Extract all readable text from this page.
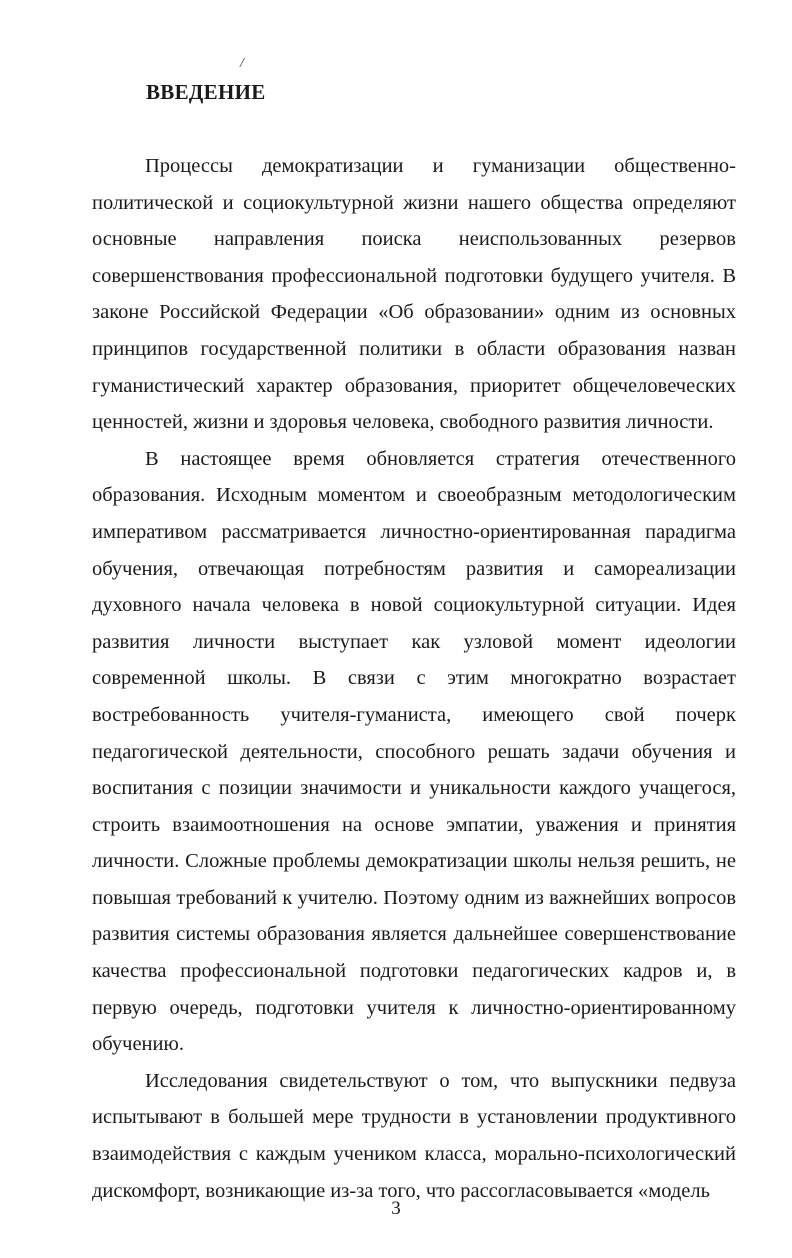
/
ВВЕДЕНИЕ

Процессы демократизации и гуманизации общественно-политической и социокультурной жизни нашего общества определяют основные направления поиска неиспользованных резервов совершенствования профессиональной подготовки будущего учителя. В законе Российской Федерации «Об образовании» одним из основных принципов государственной политики в области образования назван гуманистический характер образования, приоритет общечеловеческих ценностей, жизни и здоровья человека, свободного развития личности.

В настоящее время обновляется стратегия отечественного образования. Исходным моментом и своеобразным методологическим императивом рассматривается личностно-ориентированная парадигма обучения, отвечающая потребностям развития и самореализации духовного начала человека в новой социокультурной ситуации. Идея развития личности выступает как узловой момент идеологии современной школы. В связи с этим многократно возрастает востребованность учителя-гуманиста, имеющего свой почерк педагогической деятельности, способного решать задачи обучения и воспитания с позиции значимости и уникальности каждого учащегося, строить взаимоотношения на основе эмпатии, уважения и принятия личности. Сложные проблемы демократизации школы нельзя решить, не повышая требований к учителю. Поэтому одним из важнейших вопросов развития системы образования является дальнейшее совершенствование качества профессиональной подготовки педагогических кадров и, в первую очередь, подготовки учителя к личностно-ориентированному обучению.

Исследования свидетельствуют о том, что выпускники педвуза испытывают в большей мере трудности в установлении продуктивного взаимодействия с каждым учеником класса, морально-психологический дискомфорт, возникающие из-за того, что рассогласовывается «модель

3
